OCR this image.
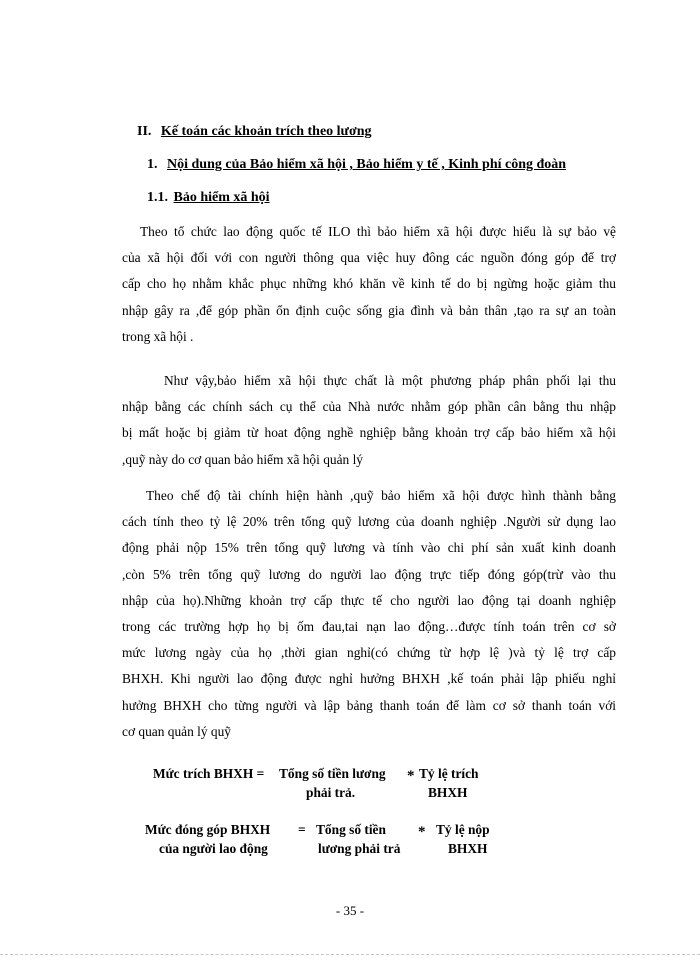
II. Kế toán các khoản trích theo lương
1. Nội dung của Bảo hiểm xã hội , Bảo hiểm y tế , Kinh phí công đoàn
1.1. Bảo hiểm xã hội
Theo tổ chức lao động quốc tế ILO thì bảo hiểm xã hội được hiểu là sự bảo vệ
của xã hội đối với con người thông qua việc huy đông các nguồn đóng góp để trợ
cấp cho họ nhằm khắc phục những khó khăn về kinh tế do bị ngừng hoặc giảm thu
nhập gây ra ,để góp phần ổn định cuộc sống gia đình và bản thân ,tạo ra sự an toàn
trong xã hội .
Như vậy,bảo hiểm xã hội thực chất là một phương pháp phân phối lại thu
nhập bằng các chính sách cụ thể của Nhà nước nhằm góp phần cân bằng thu nhập
bị mất hoặc bị giảm từ hoat động nghề nghiệp bằng khoản trợ cấp bảo hiểm xã hội
,quỹ này do cơ quan bảo hiểm xã hội quản lý
Theo chế độ tài chính hiện hành ,quỹ bảo hiểm xã hội được hình thành bằng
cách tính theo tỷ lệ 20% trên tổng quỹ lương của doanh nghiệp .Người sử dụng lao
động phải nộp 15% trên tổng quỹ lương và tính vào chi phí sản xuất kinh doanh
,còn 5% trên tổng quỹ lương do người lao động trực tiếp đóng góp(trừ vào thu
nhập của họ).Những khoản trợ cấp thực tế cho người lao động tại doanh nghiệp
trong các trường hợp họ bị ốm đau,tai nạn lao động…được tính toán trên cơ sở
mức lương ngày của họ ,thời gian nghỉ(có chứng từ hợp lệ )và tỷ lệ trợ cấp
BHXH. Khi người lao động được nghỉ hưởng BHXH ,kế toán phải lập phiếu nghỉ
hưởng BHXH cho từng người và lập bảng thanh toán để làm cơ sở thanh toán với
cơ quan quản lý quỹ
Mức trích BHXH = Tổng số tiền lương
phải trả.
* Tỷ lệ trích
BHXH
Mức đóng góp BHXH
của người lao động
= Tổng số tiền
lương phải trả
* Tỷ lệ nộp
BHXH
- 35 -
